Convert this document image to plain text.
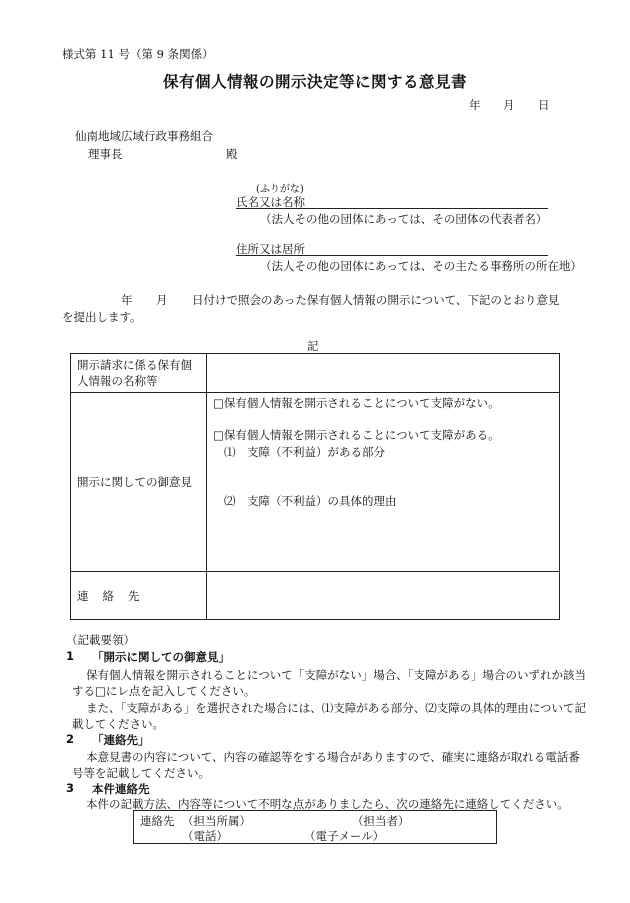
様式第 11 号（第 9 条関係）
保有個人情報の開示決定等に関する意見書
年 月 日
仙南地域広域行政事務組合
理事長	殿
(ふりがな)
氏名又は名称
（法人その他の団体にあっては、その団体の代表者名）
住所又は居所
（法人その他の団体にあっては、その主たる事務所の所在地）
年 月 日付けで照会のあった保有個人情報の開示について、下記のとおり意見
を提出します。
記
開示請求に係る保有個
人情報の名称等	

開示に関しての御意見	□保有個人情報を開示されることについて支障がない。
□保有個人情報を開示されることについて支障がある。
⑴　支障（不利益）がある部分
⑵　支障（不利益）の具体的理由

連絡先	

（記載要領）
1 「開示に関しての御意見」
保有個人情報を開示されることについて「支障がない」場合、「支障がある」場合のいずれか該当
する□にレ点を記入してください。
また、「支障がある」を選択された場合には、⑴支障がある部分、⑵支障の具体的理由について記
載してください。
2 「連絡先」
本意見書の内容について、内容の確認等をする場合がありますので、確実に連絡が取れる電話番
号等を記載してください。
3 本件連絡先
本件の記載方法、内容等について不明な点がありましたら、次の連絡先に連絡してください。
連絡先 （担当所属）	（担当者）
（電話）	（電子メール）
